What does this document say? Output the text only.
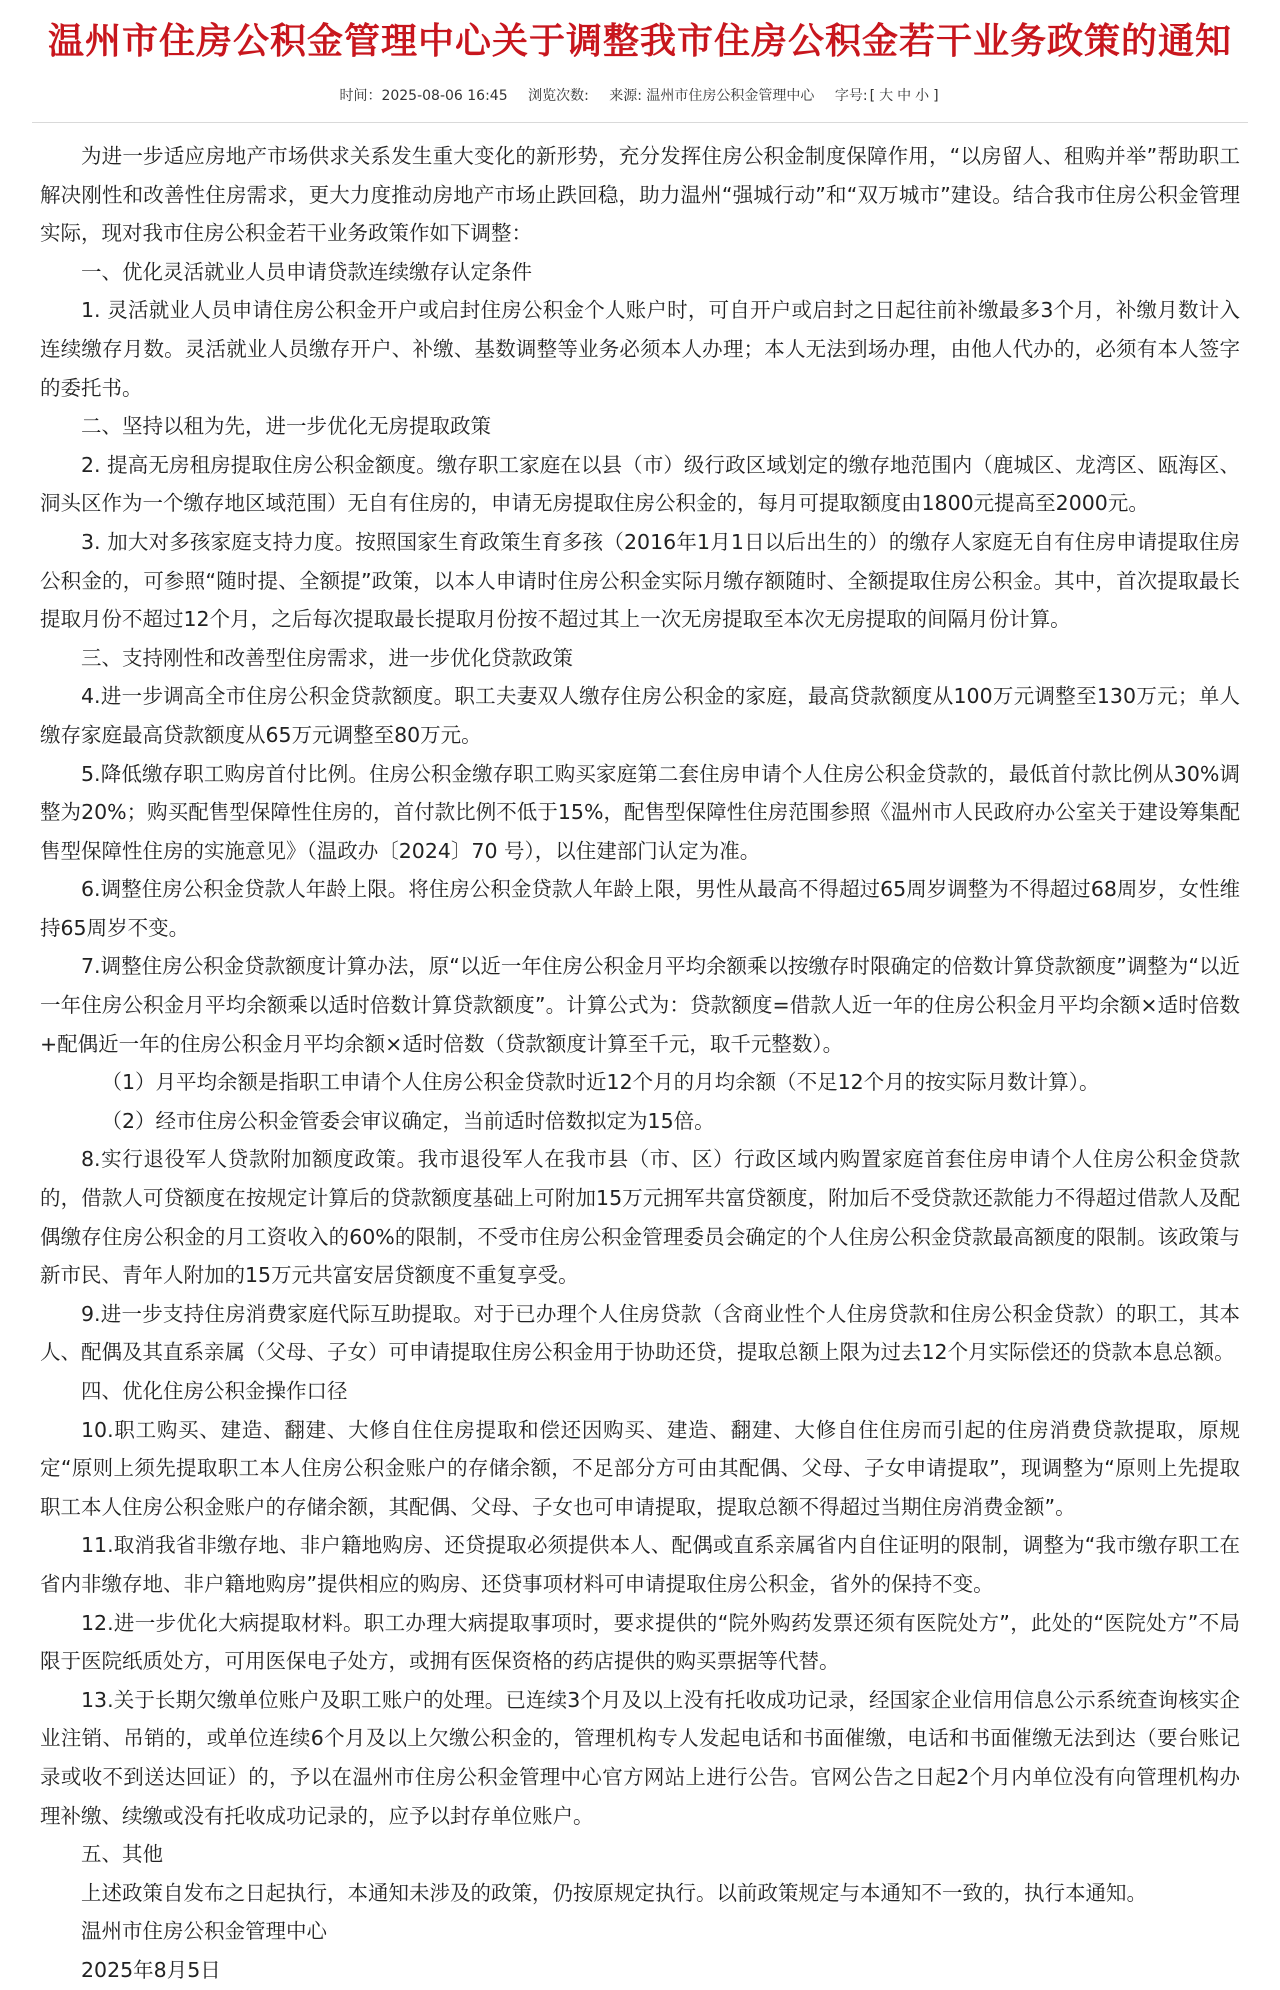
温州市住房公积金管理中心关于调整我市住房公积金若干业务政策的通知
时间：2025-08-06 16:45 浏览次数: 来源: 温州市住房公积金管理中心 字号: [ 大 中 小 ]

为进一步适应房地产市场供求关系发生重大变化的新形势，充分发挥住房公积金制度保障作用，“以房留人、租购并举”帮助职工解决刚性和改善性住房需求，更大力度推动房地产市场止跌回稳，助力温州“强城行动”和“双万城市”建设。结合我市住房公积金管理实际，现对我市住房公积金若干业务政策作如下调整：

一、优化灵活就业人员申请贷款连续缴存认定条件

1. 灵活就业人员申请住房公积金开户或启封住房公积金个人账户时，可自开户或启封之日起往前补缴最多3个月，补缴月数计入连续缴存月数。灵活就业人员缴存开户、补缴、基数调整等业务必须本人办理；本人无法到场办理，由他人代办的，必须有本人签字的委托书。

二、坚持以租为先，进一步优化无房提取政策

2. 提高无房租房提取住房公积金额度。缴存职工家庭在以县（市）级行政区域划定的缴存地范围内（鹿城区、龙湾区、瓯海区、洞头区作为一个缴存地区域范围）无自有住房的，申请无房提取住房公积金的，每月可提取额度由1800元提高至2000元。

3. 加大对多孩家庭支持力度。按照国家生育政策生育多孩（2016年1月1日以后出生的）的缴存人家庭无自有住房申请提取住房公积金的，可参照“随时提、全额提”政策，以本人申请时住房公积金实际月缴存额随时、全额提取住房公积金。其中，首次提取最长提取月份不超过12个月，之后每次提取最长提取月份按不超过其上一次无房提取至本次无房提取的间隔月份计算。

三、支持刚性和改善型住房需求，进一步优化贷款政策

4.进一步调高全市住房公积金贷款额度。职工夫妻双人缴存住房公积金的家庭，最高贷款额度从100万元调整至130万元；单人缴存家庭最高贷款额度从65万元调整至80万元。

5.降低缴存职工购房首付比例。住房公积金缴存职工购买家庭第二套住房申请个人住房公积金贷款的，最低首付款比例从30%调整为20%；购买配售型保障性住房的，首付款比例不低于15%，配售型保障性住房范围参照《温州市人民政府办公室关于建设筹集配售型保障性住房的实施意见》（温政办〔2024〕70 号），以住建部门认定为准。

6.调整住房公积金贷款人年龄上限。将住房公积金贷款人年龄上限，男性从最高不得超过65周岁调整为不得超过68周岁，女性维持65周岁不变。

7.调整住房公积金贷款额度计算办法，原“以近一年住房公积金月平均余额乘以按缴存时限确定的倍数计算贷款额度”调整为“以近一年住房公积金月平均余额乘以适时倍数计算贷款额度”。计算公式为：贷款额度=借款人近一年的住房公积金月平均余额×适时倍数+配偶近一年的住房公积金月平均余额×适时倍数（贷款额度计算至千元，取千元整数）。

（1）月平均余额是指职工申请个人住房公积金贷款时近12个月的月均余额（不足12个月的按实际月数计算）。

（2）经市住房公积金管委会审议确定，当前适时倍数拟定为15倍。

8.实行退役军人贷款附加额度政策。我市退役军人在我市县（市、区）行政区域内购置家庭首套住房申请个人住房公积金贷款的，借款人可贷额度在按规定计算后的贷款额度基础上可附加15万元拥军共富贷额度，附加后不受贷款还款能力不得超过借款人及配偶缴存住房公积金的月工资收入的60%的限制，不受市住房公积金管理委员会确定的个人住房公积金贷款最高额度的限制。该政策与新市民、青年人附加的15万元共富安居贷额度不重复享受。

9.进一步支持住房消费家庭代际互助提取。对于已办理个人住房贷款（含商业性个人住房贷款和住房公积金贷款）的职工，其本人、配偶及其直系亲属（父母、子女）可申请提取住房公积金用于协助还贷，提取总额上限为过去12个月实际偿还的贷款本息总额。

四、优化住房公积金操作口径

10.职工购买、建造、翻建、大修自住住房提取和偿还因购买、建造、翻建、大修自住住房而引起的住房消费贷款提取，原规定“原则上须先提取职工本人住房公积金账户的存储余额，不足部分方可由其配偶、父母、子女申请提取”，现调整为“原则上先提取职工本人住房公积金账户的存储余额，其配偶、父母、子女也可申请提取，提取总额不得超过当期住房消费金额”。

11.取消我省非缴存地、非户籍地购房、还贷提取必须提供本人、配偶或直系亲属省内自住证明的限制，调整为“我市缴存职工在省内非缴存地、非户籍地购房”提供相应的购房、还贷事项材料可申请提取住房公积金，省外的保持不变。

12.进一步优化大病提取材料。职工办理大病提取事项时，要求提供的“院外购药发票还须有医院处方”，此处的“医院处方”不局限于医院纸质处方，可用医保电子处方，或拥有医保资格的药店提供的购买票据等代替。

13.关于长期欠缴单位账户及职工账户的处理。已连续3个月及以上没有托收成功记录，经国家企业信用信息公示系统查询核实企业注销、吊销的，或单位连续6个月及以上欠缴公积金的，管理机构专人发起电话和书面催缴，电话和书面催缴无法到达（要台账记录或收不到送达回证）的，予以在温州市住房公积金管理中心官方网站上进行公告。官网公告之日起2个月内单位没有向管理机构办理补缴、续缴或没有托收成功记录的，应予以封存单位账户。

五、其他

上述政策自发布之日起执行，本通知未涉及的政策，仍按原规定执行。以前政策规定与本通知不一致的，执行本通知。

温州市住房公积金管理中心

2025年8月5日
